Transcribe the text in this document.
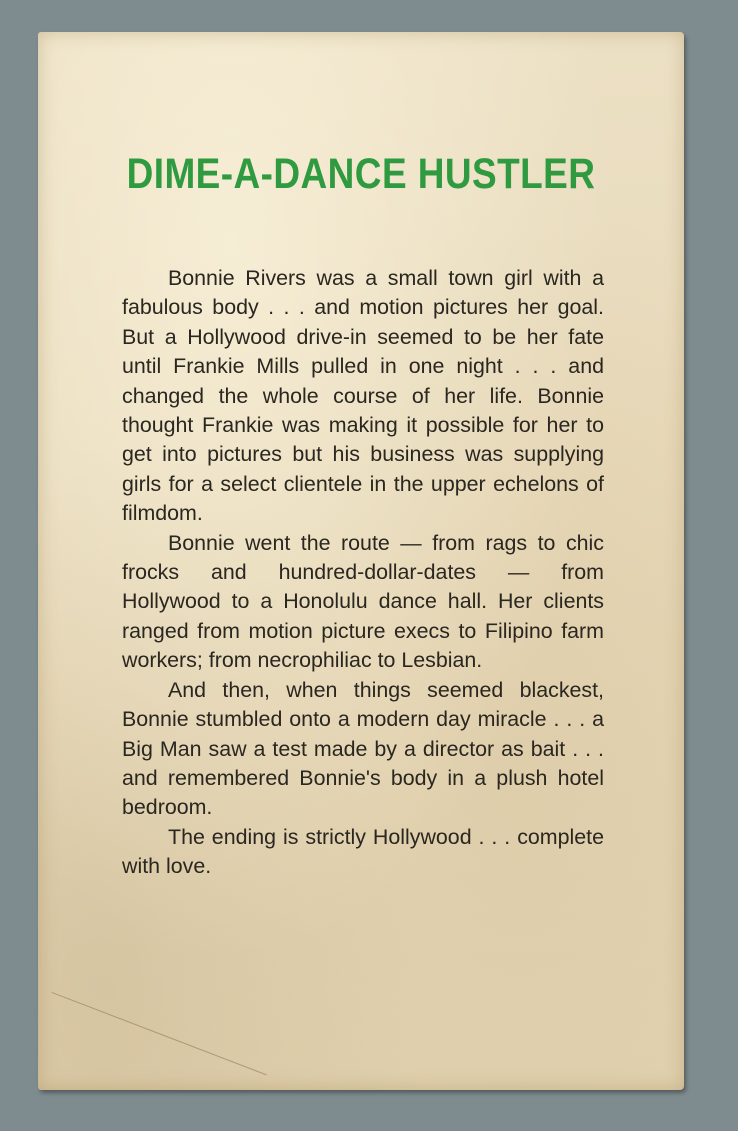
DIME-A-DANCE HUSTLER

Bonnie Rivers was a small town girl with a fabulous body . . . and motion pictures her goal. But a Hollywood drive-in seemed to be her fate until Frankie Mills pulled in one night . . . and changed the whole course of her life. Bonnie thought Frankie was making it possible for her to get into pictures but his business was supplying girls for a select clientele in the upper echelons of filmdom.

Bonnie went the route — from rags to chic frocks and hundred-dollar-dates — from Hollywood to a Honolulu dance hall. Her clients ranged from motion picture execs to Filipino farm workers; from necrophiliac to Lesbian.

And then, when things seemed blackest, Bonnie stumbled onto a modern day miracle . . . a Big Man saw a test made by a director as bait . . . and remembered Bonnie's body in a plush hotel bedroom.

The ending is strictly Hollywood . . . complete with love.
